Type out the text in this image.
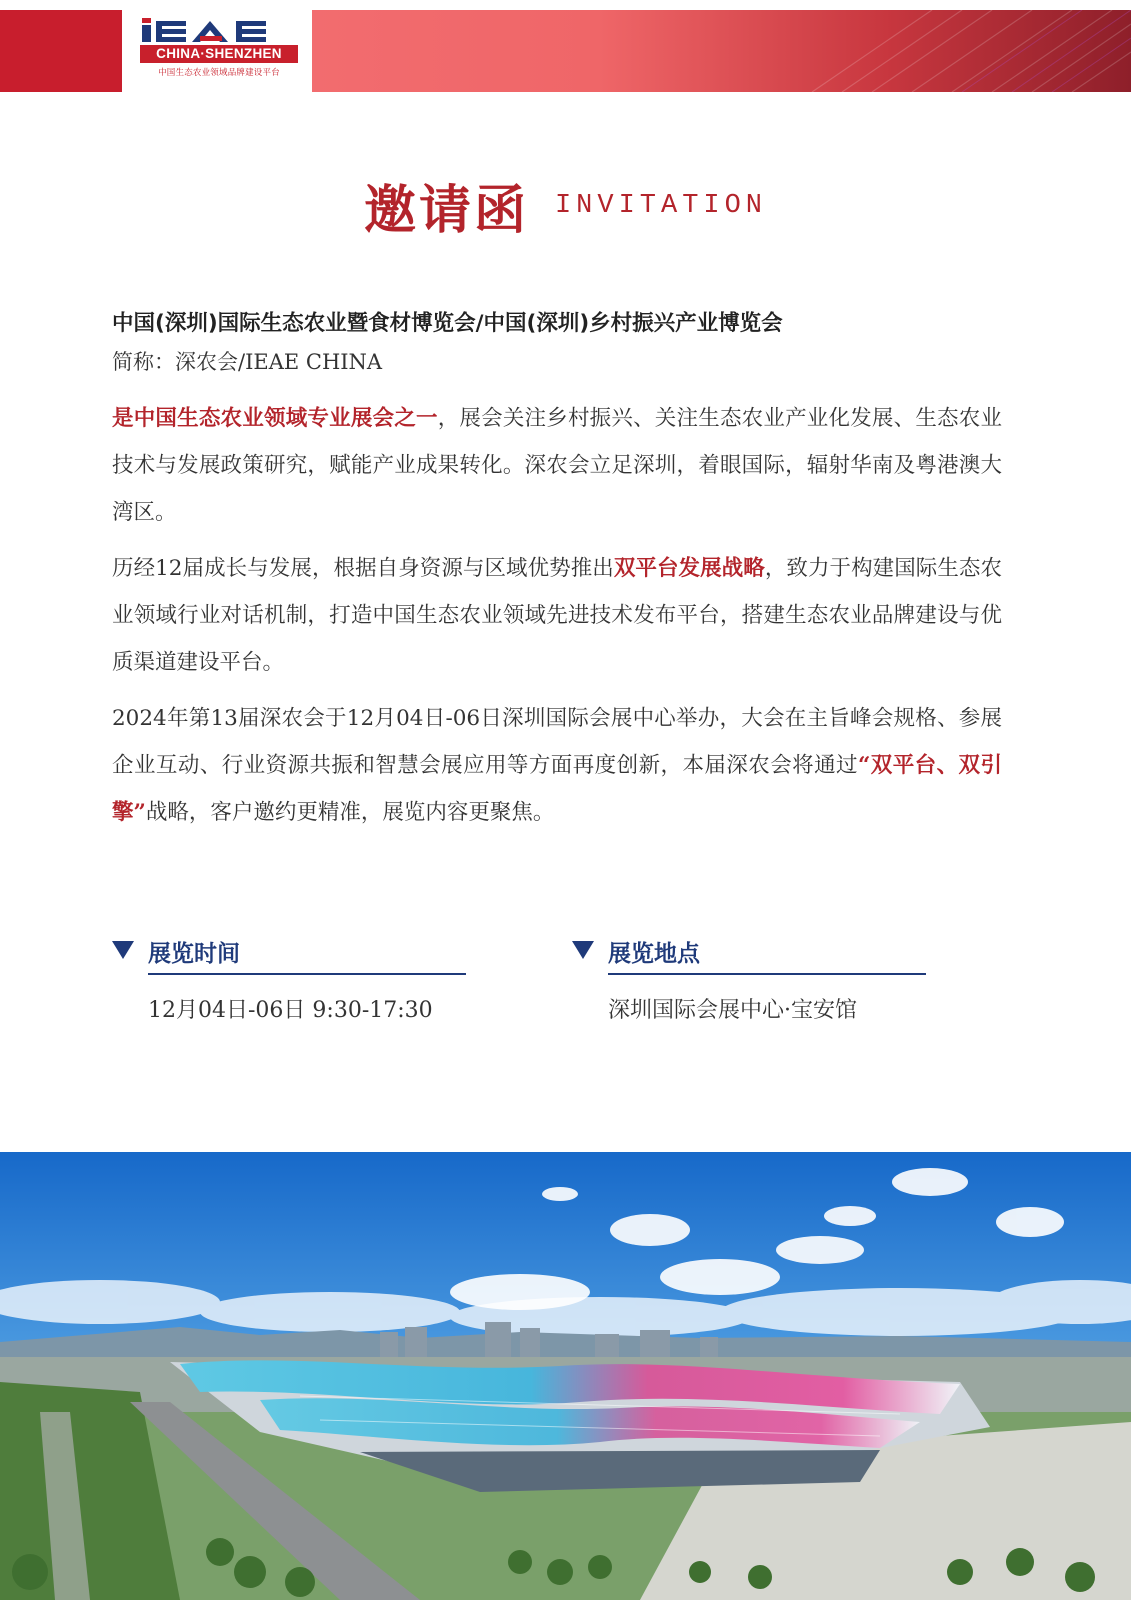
CHINA·SHENZHEN
中国生态农业领域品牌建设平台
邀请函 INVITATION
中国(深圳)国际生态农业暨食材博览会/中国(深圳)乡村振兴产业博览会
简称：深农会/IEAE CHINA
是中国生态农业领域专业展会之一，展会关注乡村振兴、关注生态农业产业化发展、生态农业技术与发展政策研究，赋能产业成果转化。深农会立足深圳，着眼国际，辐射华南及粤港澳大湾区。
历经12届成长与发展，根据自身资源与区域优势推出双平台发展战略，致力于构建国际生态农业领域行业对话机制，打造中国生态农业领域先进技术发布平台，搭建生态农业品牌建设与优质渠道建设平台。
2024年第13届深农会于12月04日-06日深圳国际会展中心举办，大会在主旨峰会规格、参展企业互动、行业资源共振和智慧会展应用等方面再度创新，本届深农会将通过“双平台、双引擎”战略，客户邀约更精准，展览内容更聚焦。
展览时间
12月04日-06日 9:30-17:30
展览地点
深圳国际会展中心·宝安馆
